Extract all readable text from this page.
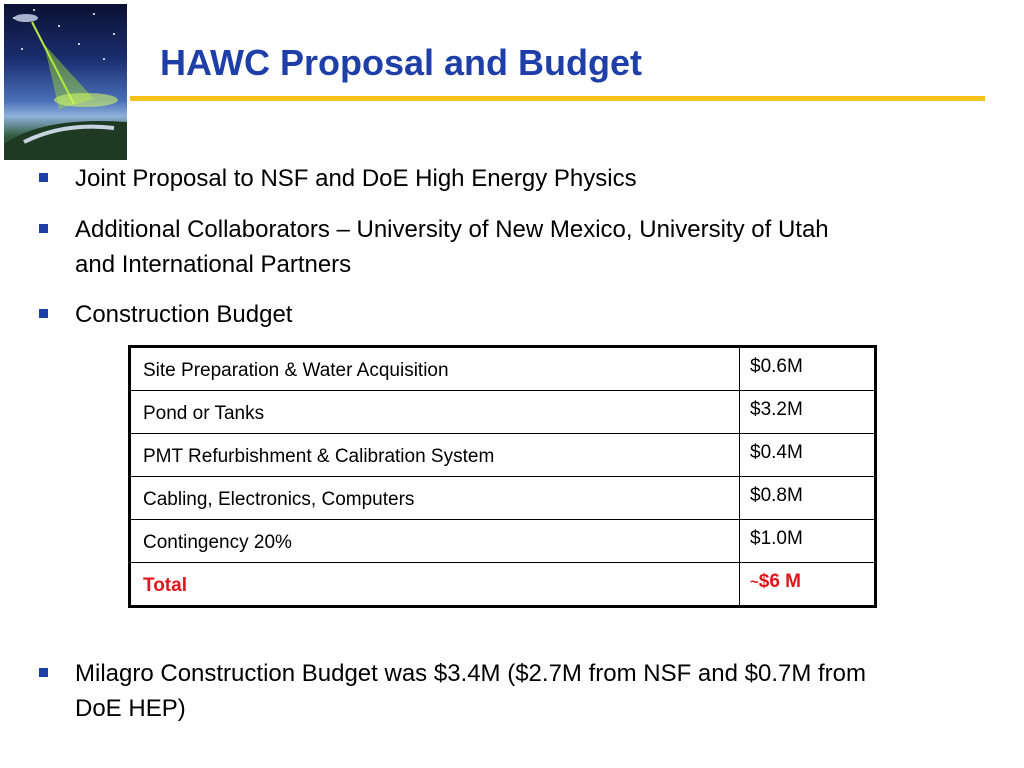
HAWC Proposal and Budget
Joint Proposal to NSF and DoE High Energy Physics
Additional Collaborators – University of New Mexico, University of Utah
and International Partners
Construction Budget
Milagro Construction Budget was $3.4M ($2.7M from NSF and $0.7M from
DoE HEP)
Site Preparation & Water Acquisition	$0.6M
Pond or Tanks	$3.2M
PMT Refurbishment & Calibration System	$0.4M
Cabling, Electronics, Computers	$0.8M
Contingency 20%	$1.0M
Total	~$6 M
